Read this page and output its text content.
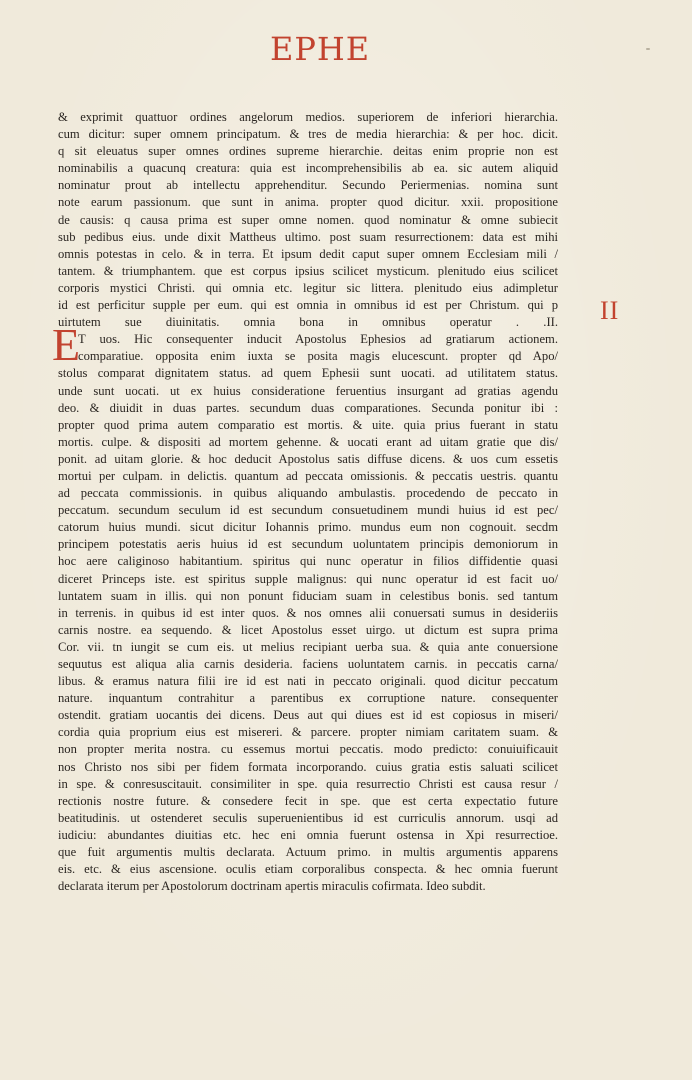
EPHE
II
E
& exprimit quattuor ordines angelorum medios. superiorem de inferiori hierarchia.
cum dicitur: super omnem principatum. & tres de media hierarchia: & per hoc. dicit.
q sit eleuatus super omnes ordines supreme hierarchie. deitas enim proprie non est
nominabilis a quacunq creatura: quia est incomprehensibilis ab ea. sic autem aliquid
nominatur prout ab intellectu apprehenditur. Secundo Periermenias. nomina sunt
note earum passionum. que sunt in anima. propter quod dicitur. xxii. propositione
de causis: q causa prima est super omne nomen. quod nominatur & omne subiecit
sub pedibus eius. unde dixit Mattheus ultimo. post suam resurrectionem: data est mihi
omnis potestas in celo. & in terra. Et ipsum dedit caput super omnem Ecclesiam mili /
tantem. & triumphantem. que est corpus ipsius scilicet mysticum. plenitudo eius scilicet
corporis mystici Christi. qui omnia etc. legitur sic littera. plenitudo eius adimpletur
id est perficitur supple per eum. qui est omnia in omnibus id est per Christum. qui p
uirtutem sue diuinitatis. omnia bona in omnibus operatur . .II.
T uos. Hic consequenter inducit Apostolus Ephesios ad gratiarum actionem.
comparatiue. opposita enim iuxta se posita magis elucescunt. propter qd Apo/
stolus comparat dignitatem status. ad quem Ephesii sunt uocati. ad utilitatem status.
unde sunt uocati. ut ex huius consideratione feruentius insurgant ad gratias agendu
deo. & diuidit in duas partes. secundum duas comparationes. Secunda ponitur ibi :
propter quod prima autem comparatio est mortis. & uite. quia prius fuerant in statu
mortis. culpe. & dispositi ad mortem gehenne. & uocati erant ad uitam gratie que dis/
ponit. ad uitam glorie. & hoc deducit Apostolus satis diffuse dicens. & uos cum essetis
mortui per culpam. in delictis. quantum ad peccata omissionis. & peccatis uestris. quantu
ad peccata commissionis. in quibus aliquando ambulastis. procedendo de peccato in
peccatum. secundum seculum id est secundum consuetudinem mundi huius id est pec/
catorum huius mundi. sicut dicitur Iohannis primo. mundus eum non cognouit. secdm
principem potestatis aeris huius id est secundum uoluntatem principis demoniorum in
hoc aere caliginoso habitantium. spiritus qui nunc operatur in filios diffidentie quasi
diceret Princeps iste. est spiritus supple malignus: qui nunc operatur id est facit uo/
luntatem suam in illis. qui non ponunt fiduciam suam in celestibus bonis. sed tantum
in terrenis. in quibus id est inter quos. & nos omnes alii conuersati sumus in desideriis
carnis nostre. ea sequendo. & licet Apostolus esset uirgo. ut dictum est supra prima
Cor. vii. tn iungit se cum eis. ut melius recipiant uerba sua. & quia ante conuersione
sequutus est aliqua alia carnis desideria. faciens uoluntatem carnis. in peccatis carna/
libus. & eramus natura filii ire id est nati in peccato originali. quod dicitur peccatum
nature. inquantum contrahitur a parentibus ex corruptione nature. consequenter
ostendit. gratiam uocantis dei dicens. Deus aut qui diues est id est copiosus in miseri/
cordia quia proprium eius est misereri. & parcere. propter nimiam caritatem suam. &
non propter merita nostra. cu essemus mortui peccatis. modo predicto: conuiuificauit
nos Christo nos sibi per fidem formata incorporando. cuius gratia estis saluati scilicet
in spe. & conresuscitauit. consimiliter in spe. quia resurrectio Christi est causa resur /
rectionis nostre future. & consedere fecit in spe. que est certa expectatio future
beatitudinis. ut ostenderet seculis superuenientibus id est curriculis annorum. usqi ad
iudiciu: abundantes diuitias etc. hec eni omnia fuerunt ostensa in Xpi resurrectioe.
que fuit argumentis multis declarata. Actuum primo. in multis argumentis apparens
eis. etc. & eius ascensione. oculis etiam corporalibus conspecta. & hec omnia fuerunt
declarata iterum per Apostolorum doctrinam apertis miraculis cofirmata. Ideo subdit.
